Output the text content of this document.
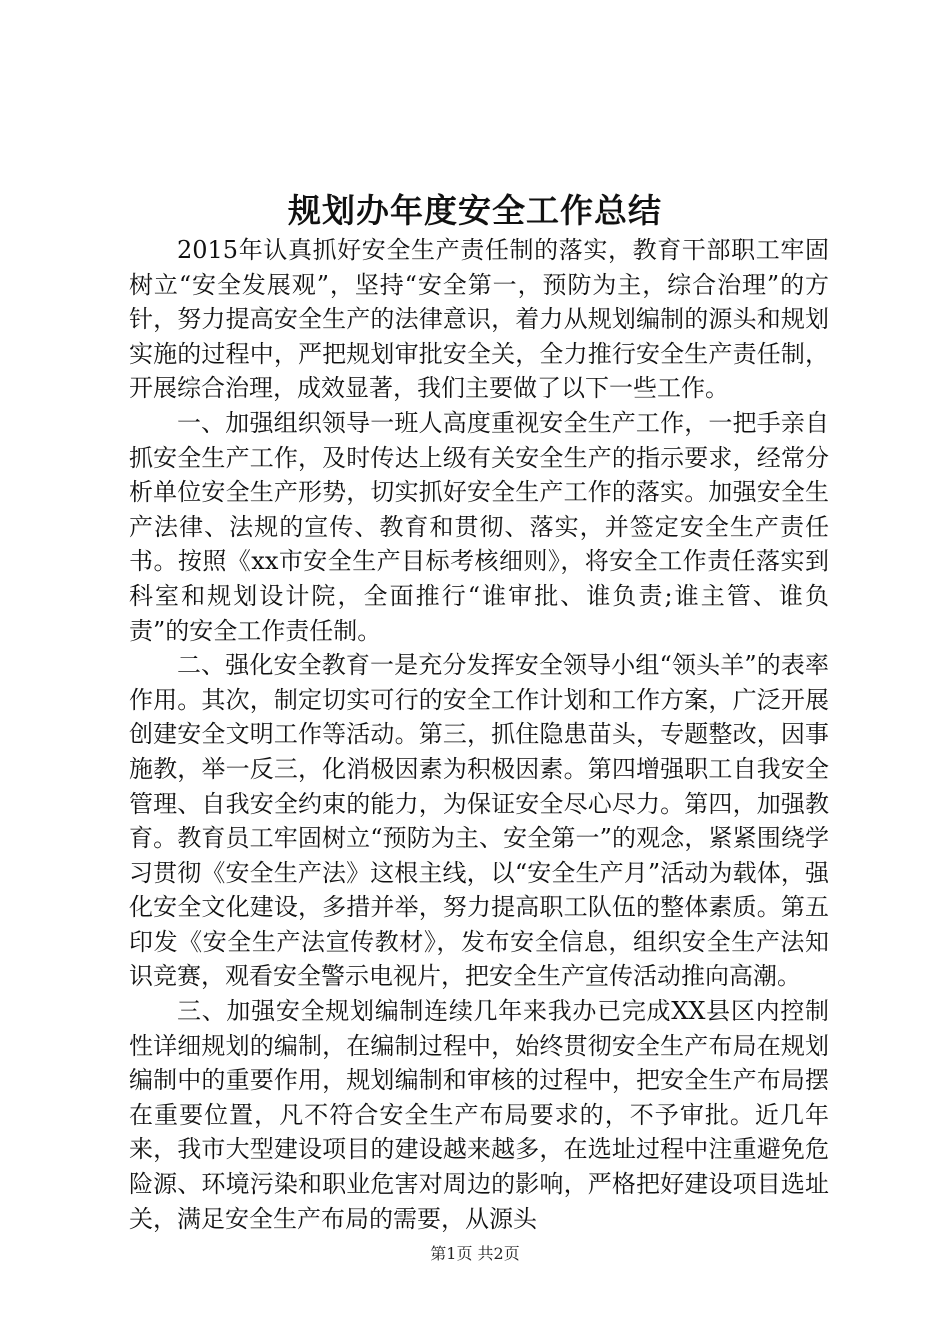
规划办年度安全工作总结

2015年认真抓好安全生产责任制的落实，教育干部职工牢固树立“安全发展观”，坚持“安全第一，预防为主，综合治理”的方针，努力提高安全生产的法律意识，着力从规划编制的源头和规划实施的过程中，严把规划审批安全关，全力推行安全生产责任制，开展综合治理，成效显著，我们主要做了以下一些工作。

一、加强组织领导一班人高度重视安全生产工作，一把手亲自抓安全生产工作，及时传达上级有关安全生产的指示要求，经常分析单位安全生产形势，切实抓好安全生产工作的落实。加强安全生产法律、法规的宣传、教育和贯彻、落实，并签定安全生产责任书。按照《xx市安全生产目标考核细则》，将安全工作责任落实到科室和规划设计院，全面推行“谁审批、谁负责;谁主管、谁负责”的安全工作责任制。

二、强化安全教育一是充分发挥安全领导小组“领头羊”的表率作用。其次，制定切实可行的安全工作计划和工作方案，广泛开展创建安全文明工作等活动。第三，抓住隐患苗头，专题整改，因事施教，举一反三，化消极因素为积极因素。第四增强职工自我安全管理、自我安全约束的能力，为保证安全尽心尽力。第四，加强教育。教育员工牢固树立“预防为主、安全第一”的观念，紧紧围绕学习贯彻《安全生产法》这根主线，以“安全生产月”活动为载体，强化安全文化建设，多措并举，努力提高职工队伍的整体素质。第五印发《安全生产法宣传教材》，发布安全信息，组织安全生产法知识竞赛，观看安全警示电视片，把安全生产宣传活动推向高潮。

三、加强安全规划编制连续几年来我办已完成XX县区内控制性详细规划的编制，在编制过程中，始终贯彻安全生产布局在规划编制中的重要作用，规划编制和审核的过程中，把安全生产布局摆在重要位置，凡不符合安全生产布局要求的，不予审批。近几年来，我市大型建设项目的建设越来越多，在选址过程中注重避免危险源、环境污染和职业危害对周边的影响，严格把好建设项目选址关，满足安全生产布局的需要，从源头

第1页 共2页
